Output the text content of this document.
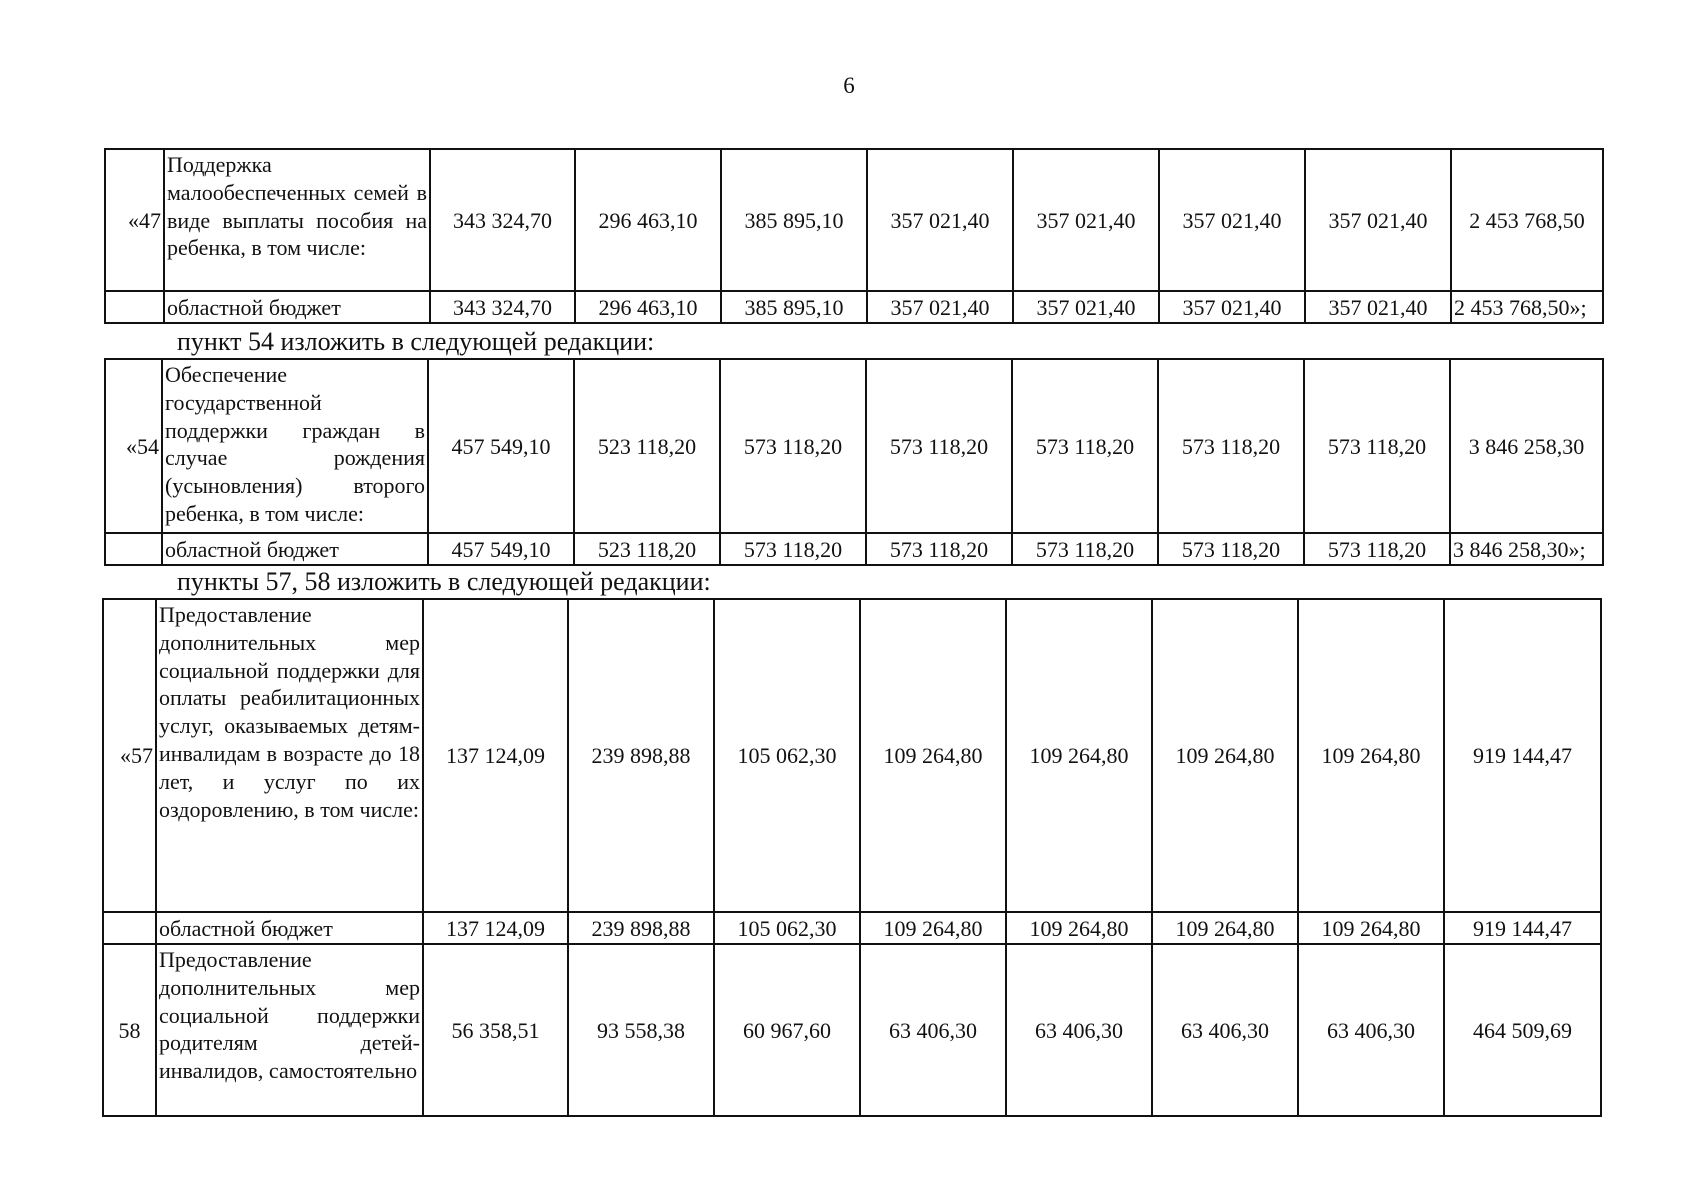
6
«47	Поддержка малообеспеченных семей в виде выплаты пособия на ребенка, в том числе:	343 324,70	296 463,10	385 895,10	357 021,40	357 021,40	357 021,40	357 021,40	2 453 768,50
	областной бюджет	343 324,70	296 463,10	385 895,10	357 021,40	357 021,40	357 021,40	357 021,40	2 453 768,50»;
пункт 54 изложить в следующей редакции:
«54	Обеспечение государственной поддержки граждан в случае рождения (усыновления) второго ребенка, в том числе:	457 549,10	523 118,20	573 118,20	573 118,20	573 118,20	573 118,20	573 118,20	3 846 258,30
	областной бюджет	457 549,10	523 118,20	573 118,20	573 118,20	573 118,20	573 118,20	573 118,20	3 846 258,30»;
пункты 57, 58 изложить в следующей редакции:
«57	Предоставление дополнительных мер социальной поддержки для оплаты реабилитационных услуг, оказываемых детям-инвалидам в возрасте до 18 лет, и услуг по их оздоровлению, в том числе:	137 124,09	239 898,88	105 062,30	109 264,80	109 264,80	109 264,80	109 264,80	919 144,47
	областной бюджет	137 124,09	239 898,88	105 062,30	109 264,80	109 264,80	109 264,80	109 264,80	919 144,47
58	Предоставление дополнительных мер социальной поддержки родителям детей-инвалидов, самостоятельно	56 358,51	93 558,38	60 967,60	63 406,30	63 406,30	63 406,30	63 406,30	464 509,69
